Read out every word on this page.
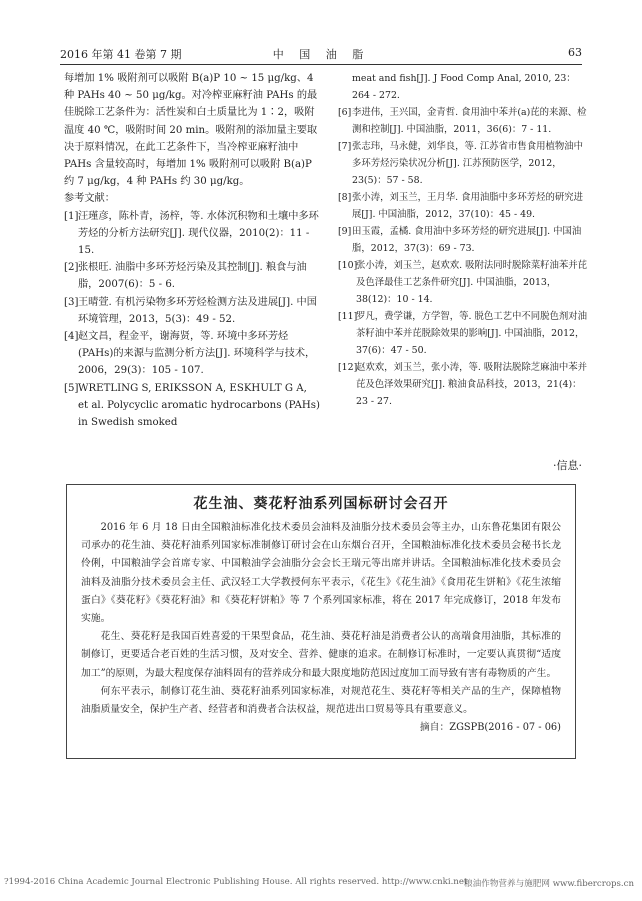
2016 年第 41 卷第 7 期	中 国 油 脂	63

每增加 1% 吸附剂可以吸附 B(a)P 10 ~ 15 μg/kg、4 种 PAHs 40 ~ 50 μg/kg。对冷榨亚麻籽油 PAHs 的最佳脱除工艺条件为：活性炭和白土质量比为 1∶2，吸附温度 40 ℃，吸附时间 20 min。吸附剂的添加量主要取决于原料情况，在此工艺条件下，当冷榨亚麻籽油中 PAHs 含量较高时，每增加 1% 吸附剂可以吸附 B(a)P 约 7 μg/kg，4 种 PAHs 约 30 μg/kg。

参考文献：

[1] 汪瑾彦，陈朴青，汤梓，等. 水体沉积物和土壤中多环芳烃的分析方法研究[J]. 现代仪器，2010(2)：11 - 15.

[2] 张根旺. 油脂中多环芳烃污染及其控制[J]. 粮食与油脂，2007(6)：5 - 6.

[3] 王晴萱. 有机污染物多环芳烃检测方法及进展[J]. 中国环境管理，2013，5(3)：49 - 52.

[4] 赵文昌，程金平，谢海贤，等. 环境中多环芳烃(PAHs)的来源与监测分析方法[J]. 环境科学与技术，2006，29(3)：105 - 107.

[5] WRETLING S, ERIKSSON A, ESKHULT G A, et al. Polycyclic aromatic hydrocarbons (PAHs) in Swedish smoked

meat and fish[J]. J Food Comp Anal, 2010, 23：264 - 272.

[6] 李进伟，王兴国，金青哲. 食用油中苯并(a)芘的来源、检测和控制[J]. 中国油脂，2011，36(6)：7 - 11.

[7] 张志玮，马永健，刘华良，等. 江苏省市售食用植物油中多环芳烃污染状况分析[J]. 江苏预防医学，2012，23(5)：57 - 58.

[8] 张小涛，刘玉兰，王月华. 食用油脂中多环芳烃的研究进展[J]. 中国油脂，2012，37(10)：45 - 49.

[9] 田玉霞，孟橘. 食用油中多环芳烃的研究进展[J]. 中国油脂，2012，37(3)：69 - 73.

[10]
张小涛，刘玉兰，赵欢欢. 吸附法同时脱除菜籽油苯并芘及色泽最佳工艺条件研究[J]. 中国油脂，2013，38(12)：10 - 14.

[11]
罗凡，费学谦，方学智，等. 脱色工艺中不同脱色剂对油茶籽油中苯并芘脱除效果的影响[J]. 中国油脂，2012，37(6)：47 - 50.

[12]
赵欢欢，刘玉兰，张小涛，等. 吸附法脱除芝麻油中苯并芘及色泽效果研究[J]. 粮油食品科技，2013，21(4)：23 - 27.

·信息·
花生油、葵花籽油系列国标研讨会召开

2016 年 6 月 18 日由全国粮油标准化技术委员会油料及油脂分技术委员会等主办，山东鲁花集团有限公司承办的花生油、葵花籽油系列国家标准制修订研讨会在山东烟台召开，全国粮油标准化技术委员会秘书长龙伶俐，中国粮油学会首席专家、中国粮油学会油脂分会会长王瑞元等出席并讲话。全国粮油标准化技术委员会油料及油脂分技术委员会主任、武汉轻工大学教授何东平表示，《花生》《花生油》《食用花生饼粕》《花生浓缩蛋白》《葵花籽》《葵花籽油》和《葵花籽饼粕》等 7 个系列国家标准，将在 2017 年完成修订，2018 年发布实施。

花生、葵花籽是我国百姓喜爱的干果型食品，花生油、葵花籽油是消费者公认的高端食用油脂，其标准的制修订，更要适合老百姓的生活习惯，及对安全、营养、健康的追求。在制修订标准时，一定要认真贯彻“适度加工”的原则，为最大程度保存油料固有的营养成分和最大限度地防范因过度加工而导致有害有毒物质的产生。

何东平表示，制修订花生油、葵花籽油系列国家标准，对规范花生、葵花籽等相关产品的生产，保障植物油脂质量安全，保护生产者、经营者和消费者合法权益，规范进出口贸易等具有重要意义。

摘自：ZGSPB(2016 - 07 - 06)
?1994-2016 China Academic Journal Electronic Publishing House. All rights reserved. http://www.cnki.net
粮油作物营养与施肥网 www.fibercrops.cn
